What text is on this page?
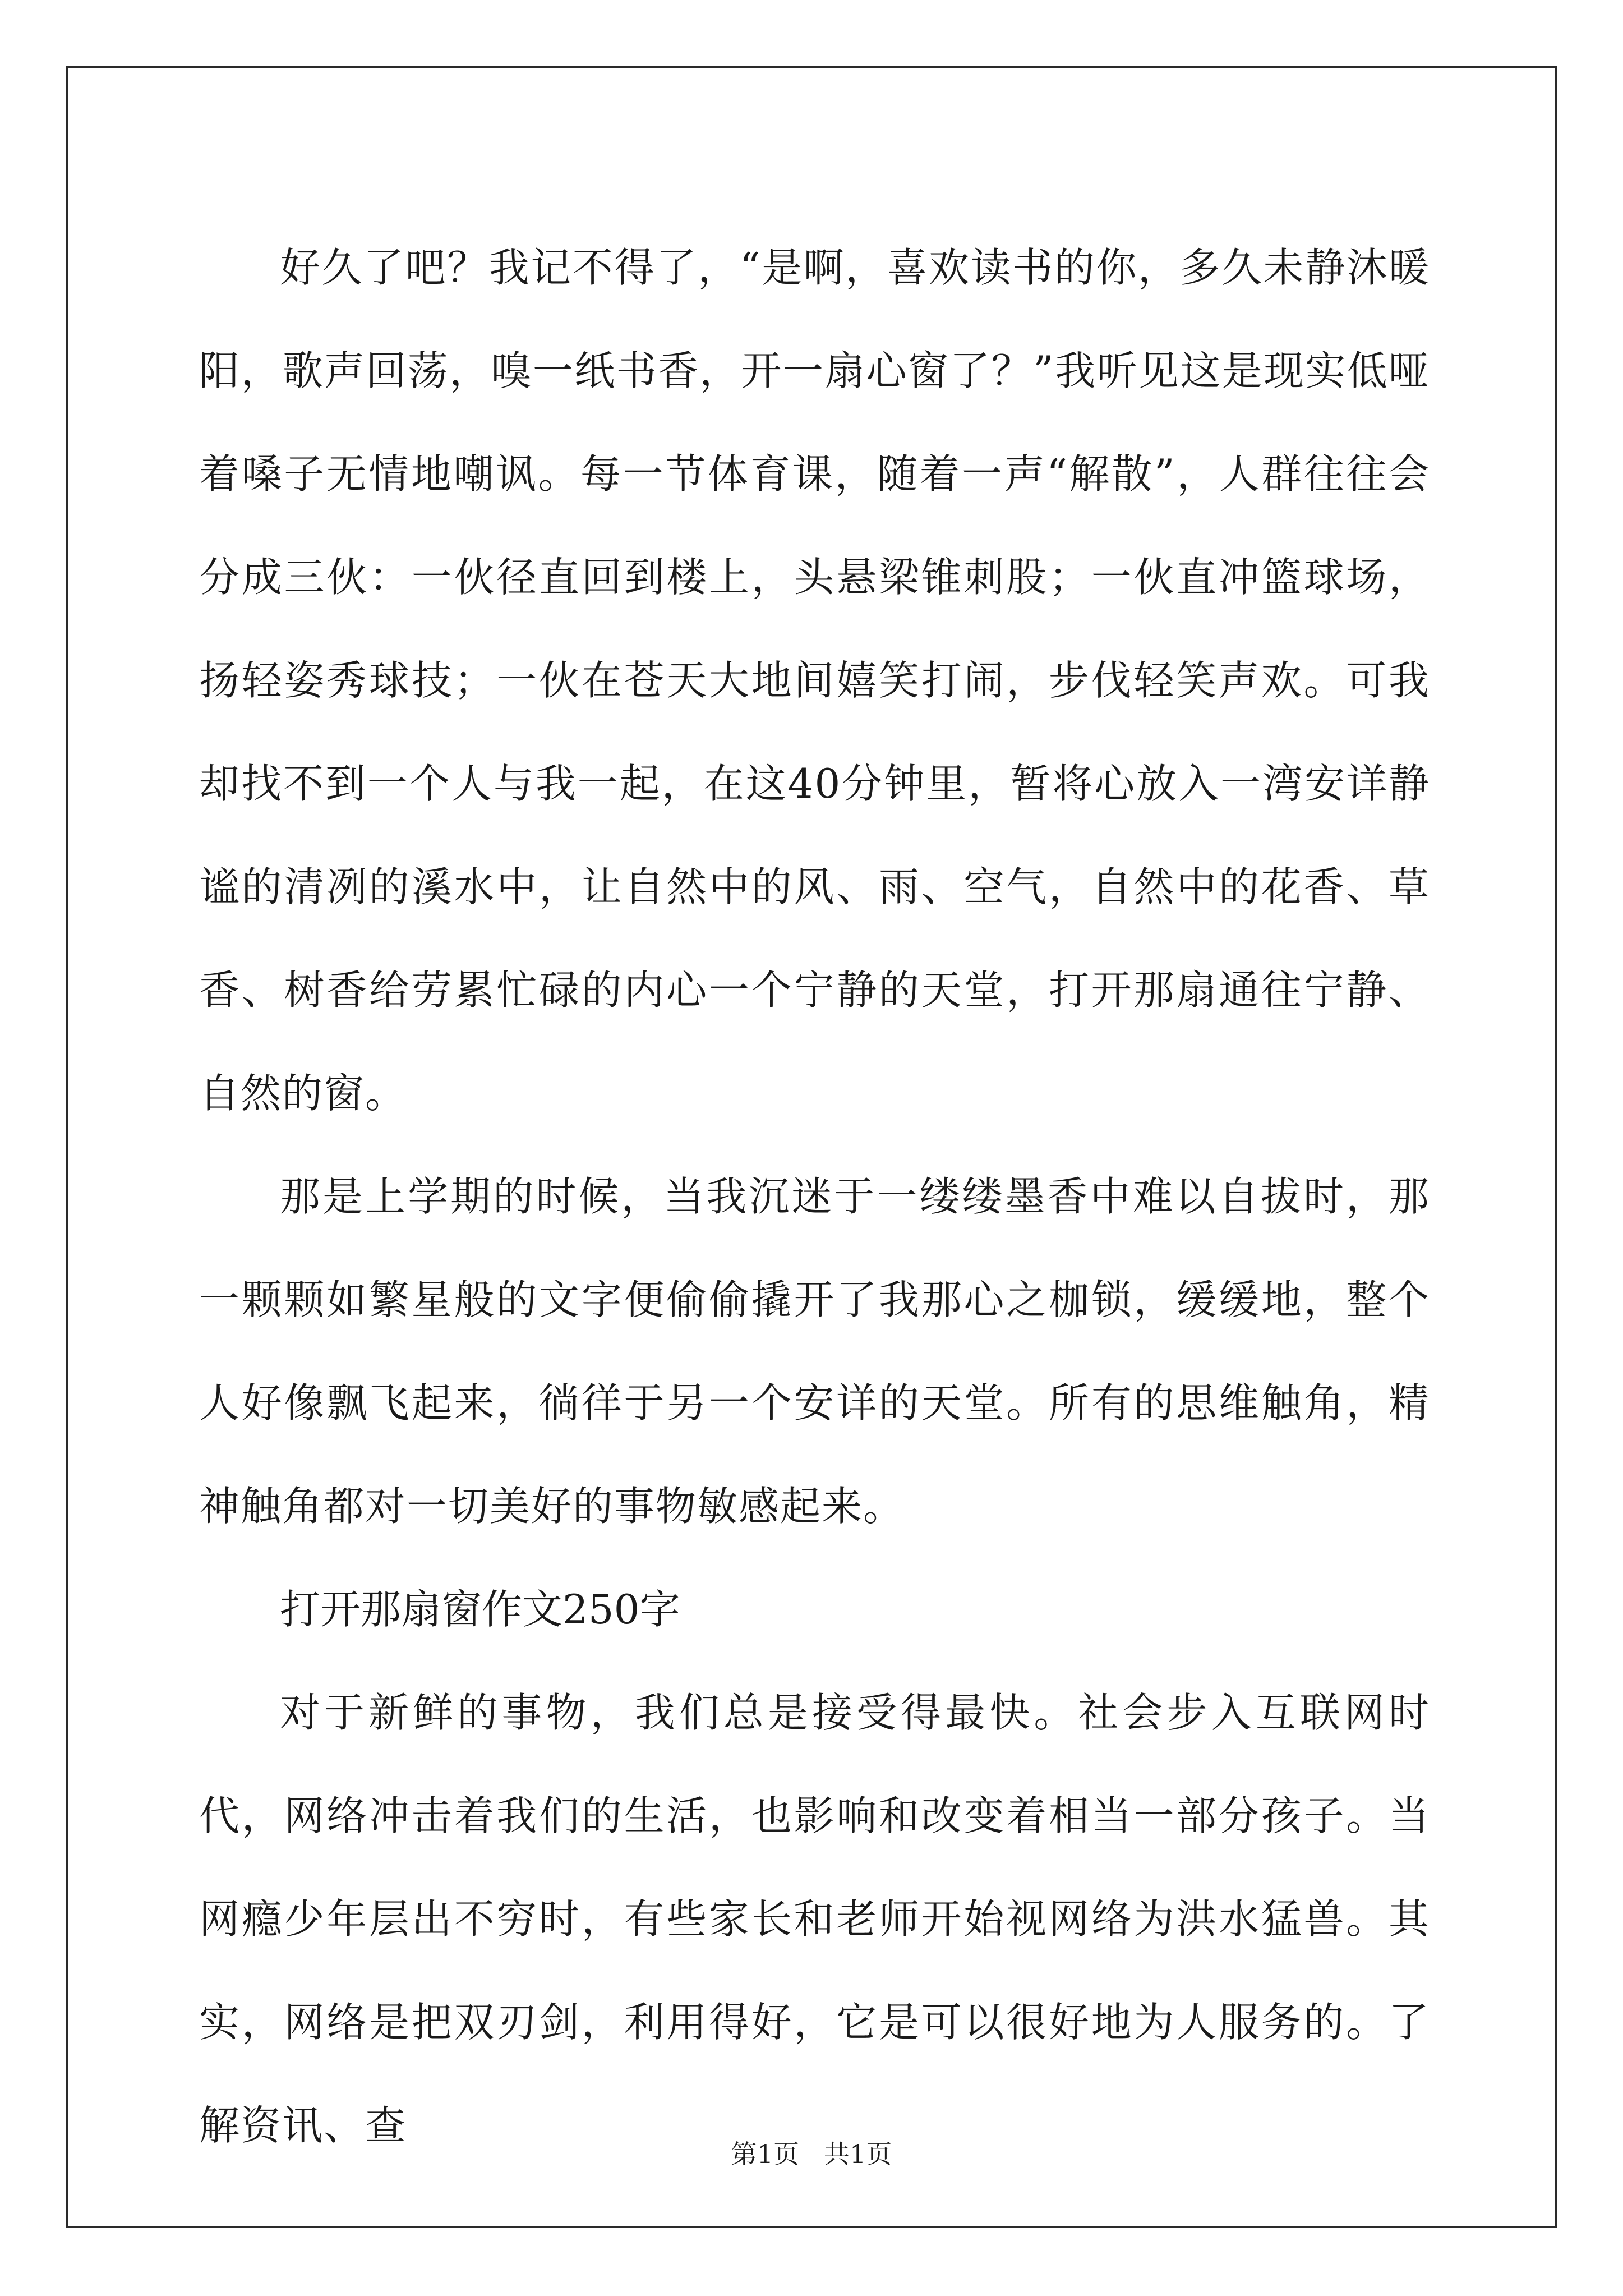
好久了吧？我记不得了，“是啊，喜欢读书的你，多久未静沐暖阳，歌声回荡，嗅一纸书香，开一扇心窗了？”我听见这是现实低哑着嗓子无情地嘲讽。每一节体育课，随着一声“解散”，人群往往会分成三伙：一伙径直回到楼上，头悬梁锥刺股；一伙直冲篮球场，扬轻姿秀球技；一伙在苍天大地间嬉笑打闹，步伐轻笑声欢。可我却找不到一个人与我一起，在这40分钟里，暂将心放入一湾安详静谧的清冽的溪水中，让自然中的风、雨、空气，自然中的花香、草香、树香给劳累忙碌的内心一个宁静的天堂，打开那扇通往宁静、自然的窗。

那是上学期的时候，当我沉迷于一缕缕墨香中难以自拔时，那一颗颗如繁星般的文字便偷偷撬开了我那心之枷锁，缓缓地，整个人好像飘飞起来，徜徉于另一个安详的天堂。所有的思维触角，精神触角都对一切美好的事物敏感起来。

打开那扇窗作文250字

对于新鲜的事物，我们总是接受得最快。社会步入互联网时代，网络冲击着我们的生活，也影响和改变着相当一部分孩子。当网瘾少年层出不穷时，有些家长和老师开始视网络为洪水猛兽。其实，网络是把双刃剑，利用得好，它是可以很好地为人服务的。了解资讯、查

第1页 共1页
